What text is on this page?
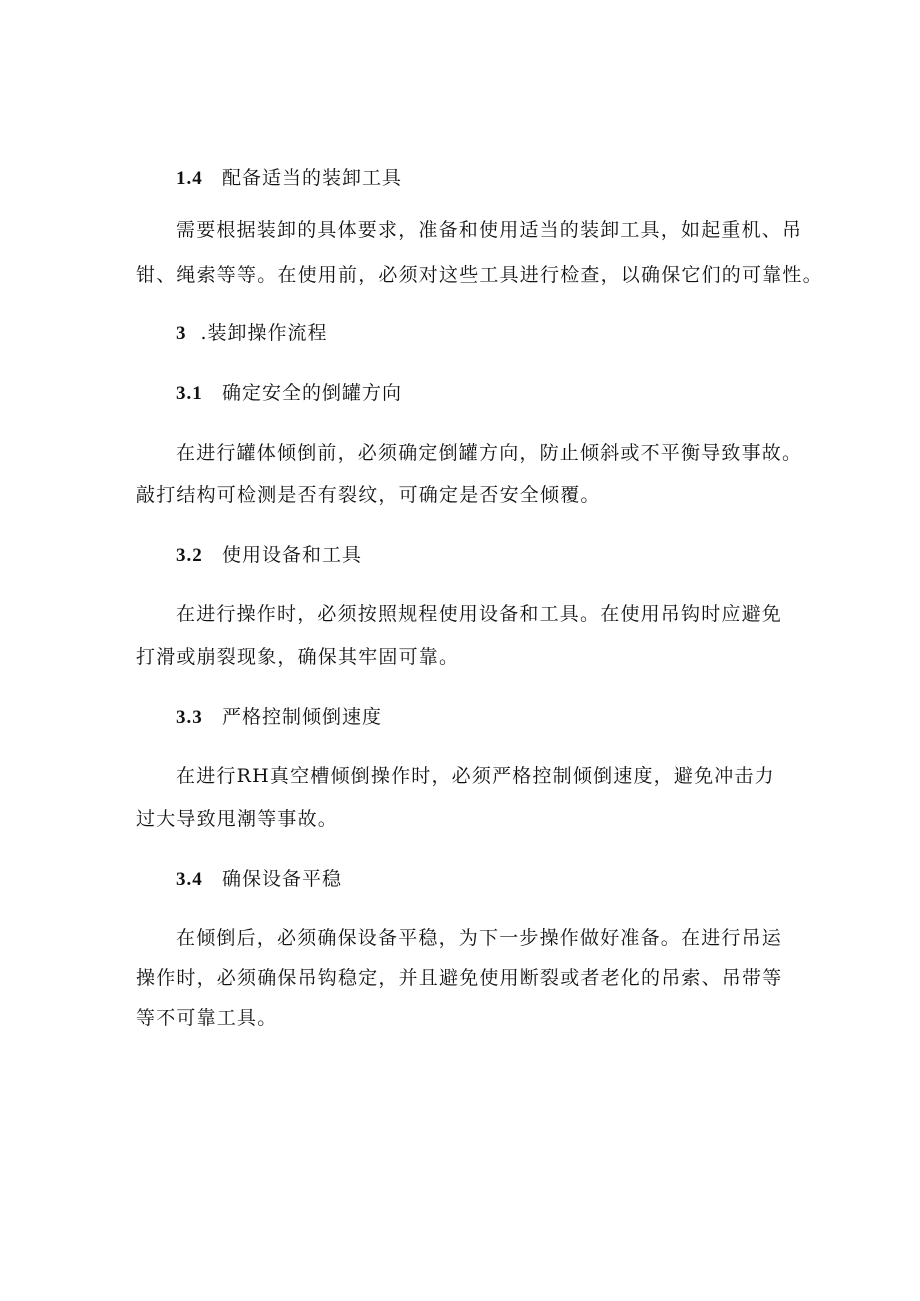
1.4 配备适当的装卸工具
需要根据装卸的具体要求，准备和使用适当的装卸工具，如起重机、吊
钳、绳索等等。在使用前，必须对这些工具进行检查，以确保它们的可靠性。
3 .装卸操作流程
3.1 确定安全的倒罐方向
在进行罐体倾倒前，必须确定倒罐方向，防止倾斜或不平衡导致事故。
敲打结构可检测是否有裂纹，可确定是否安全倾覆。
3.2 使用设备和工具
在进行操作时，必须按照规程使用设备和工具。在使用吊钩时应避免
打滑或崩裂现象，确保其牢固可靠。
3.3 严格控制倾倒速度
在进行RH真空槽倾倒操作时，必须严格控制倾倒速度，避免冲击力
过大导致甩潮等事故。
3.4 确保设备平稳
在倾倒后，必须确保设备平稳，为下一步操作做好准备。在进行吊运
操作时，必须确保吊钩稳定，并且避免使用断裂或者老化的吊索、吊带等
等不可靠工具。
